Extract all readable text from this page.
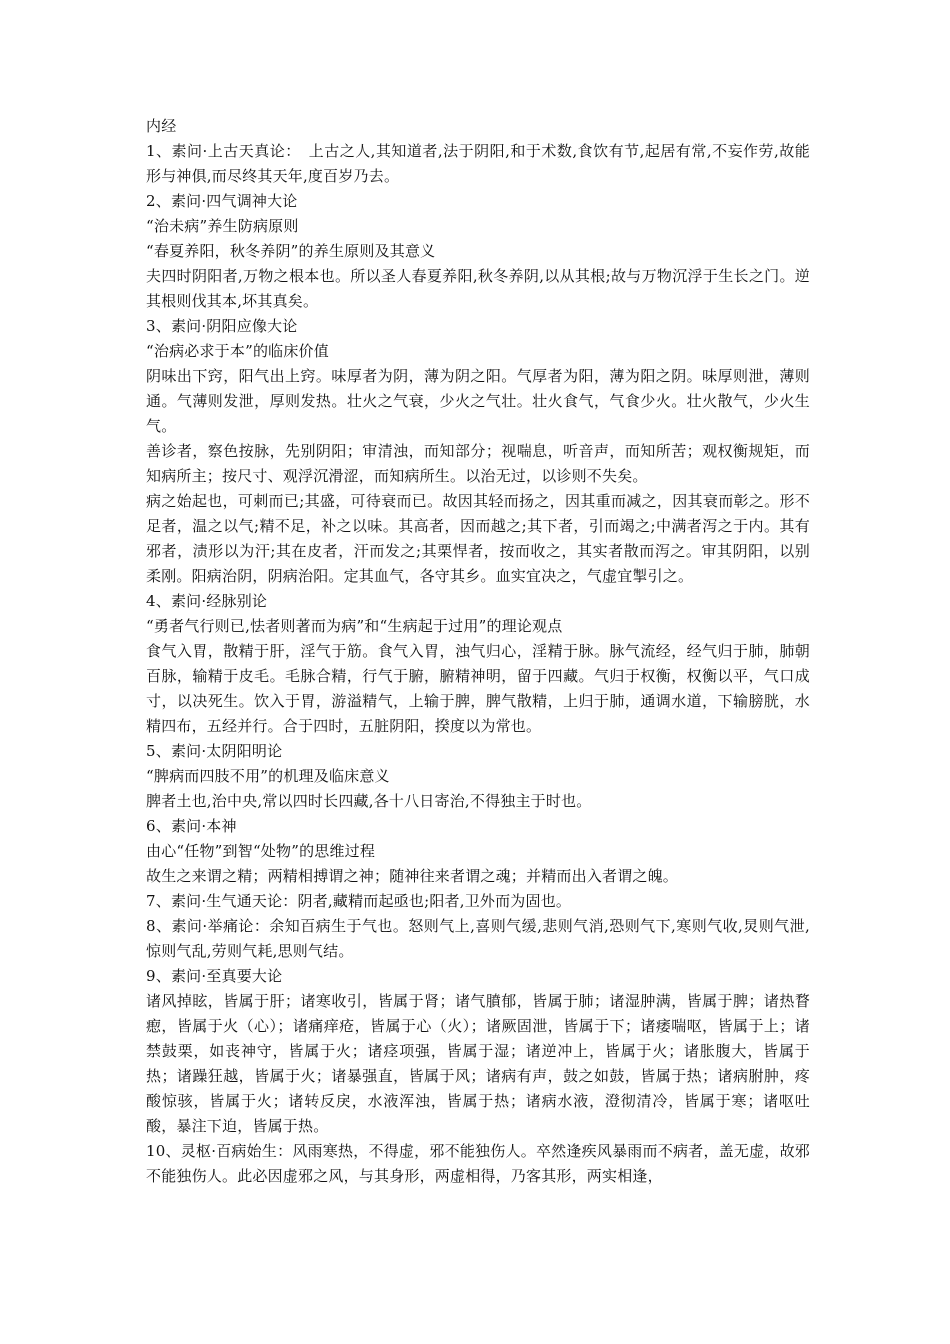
内经

1、素问·上古天真论：　上古之人,其知道者,法于阴阳,和于术数,食饮有节,起居有常,不妄作劳,故能形与神俱,而尽终其天年,度百岁乃去。

2、素问·四气调神大论

“治未病”养生防病原则

“春夏养阳，秋冬养阴”的养生原则及其意义

夫四时阴阳者,万物之根本也。所以圣人春夏养阳,秋冬养阴,以从其根;故与万物沉浮于生长之门。逆其根则伐其本,坏其真矣。

3、素问·阴阳应像大论

“治病必求于本”的临床价值

阴味出下窍，阳气出上窍。味厚者为阴，薄为阴之阳。气厚者为阳，薄为阳之阴。味厚则泄，薄则通。气薄则发泄，厚则发热。壮火之气衰，少火之气壮。壮火食气，气食少火。壮火散气，少火生气。

善诊者，察色按脉，先别阴阳；审清浊，而知部分；视喘息，听音声，而知所苦；观权衡规矩，而知病所主；按尺寸、观浮沉滑涩，而知病所生。以治无过，以诊则不失矣。

病之始起也，可刺而已;其盛，可待衰而已。故因其轻而扬之，因其重而减之，因其衰而彰之。形不足者，温之以气;精不足，补之以味。其高者，因而越之;其下者，引而竭之;中满者泻之于内。其有邪者，渍形以为汗;其在皮者，汗而发之;其栗悍者，按而收之，其实者散而泻之。审其阴阳，以别柔刚。阳病治阴，阴病治阳。定其血气，各守其乡。血实宜决之，气虚宜掣引之。

4、素问·经脉别论

“勇者气行则已,怯者则著而为病”和“生病起于过用”的理论观点

食气入胃，散精于肝，淫气于筋。食气入胃，浊气归心，淫精于脉。脉气流经，经气归于肺，肺朝百脉，输精于皮毛。毛脉合精，行气于腑，腑精神明，留于四藏。气归于权衡，权衡以平，气口成寸，以决死生。饮入于胃，游溢精气，上输于脾，脾气散精，上归于肺，通调水道，下输膀胱，水精四布，五经并行。合于四时，五脏阴阳，揆度以为常也。

5、素问·太阴阳明论

“脾病而四肢不用”的机理及临床意义

脾者土也,治中央,常以四时长四藏,各十八日寄治,不得独主于时也。

6、素问·本神

由心“任物”到智“处物”的思维过程

故生之来谓之精；两精相搏谓之神；随神往来者谓之魂；并精而出入者谓之魄。

7、素问·生气通天论：阴者,藏精而起亟也;阳者,卫外而为固也。

8、素问·举痛论：余知百病生于气也。怒则气上,喜则气缓,悲则气消,恐则气下,寒则气收,炅则气泄,惊则气乱,劳则气耗,思则气结。

9、素问·至真要大论

诸风掉眩，皆属于肝；诸寒收引，皆属于肾；诸气膹郁，皆属于肺；诸湿肿满，皆属于脾；诸热瞀瘛，皆属于火（心）；诸痛痒疮，皆属于心（火）；诸厥固泄，皆属于下；诸痿喘呕，皆属于上；诸禁鼓栗，如丧神守，皆属于火；诸痉项强，皆属于湿；诸逆冲上，皆属于火；诸胀腹大，皆属于热；诸躁狂越，皆属于火；诸暴强直，皆属于风；诸病有声，鼓之如鼓，皆属于热；诸病胕肿，疼酸惊骇，皆属于火；诸转反戾，水液浑浊，皆属于热；诸病水液，澄彻清冷，皆属于寒；诸呕吐酸，暴注下迫，皆属于热。

10、灵枢·百病始生：风雨寒热，不得虚，邪不能独伤人。卒然逢疾风暴雨而不病者，盖无虚，故邪不能独伤人。此必因虚邪之风，与其身形，两虚相得，乃客其形，两实相逢，
